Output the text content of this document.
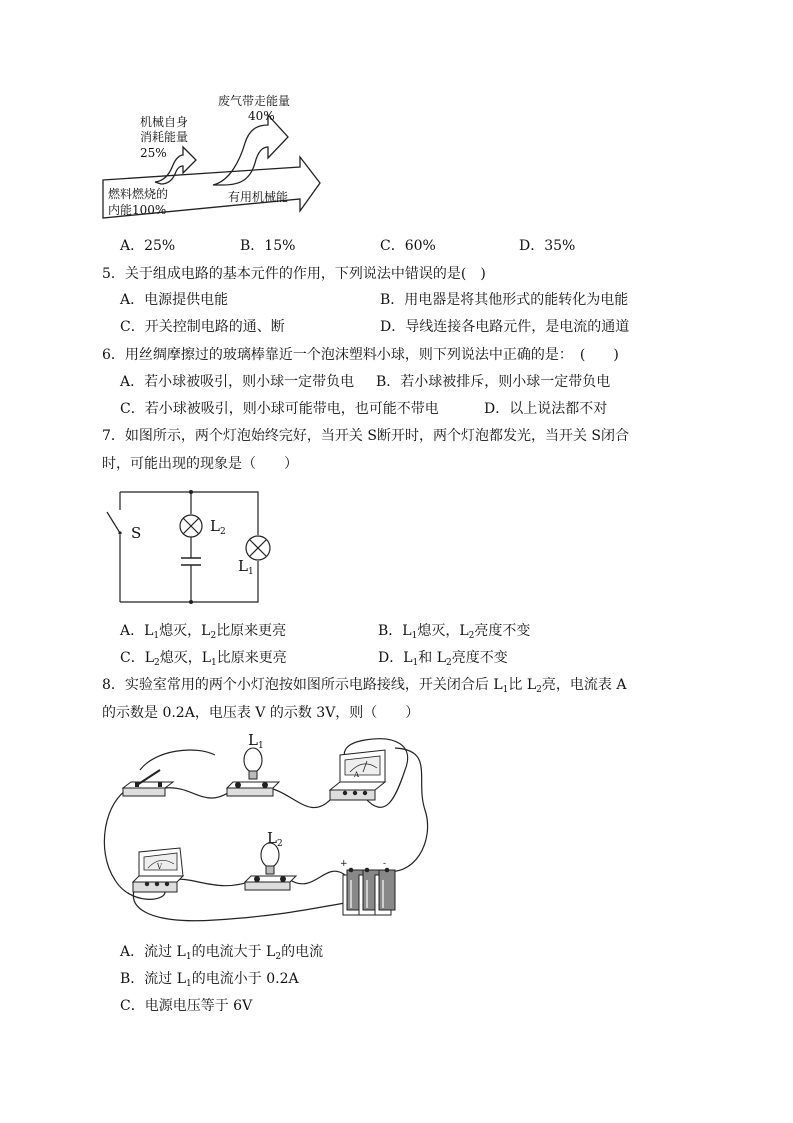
机械自身
消耗能量
25%
废气带走能量
40%
燃料燃烧的
内能100%
有用机械能
A．25%	B．15%	C．60%	D．35%
5．关于组成电路的基本元件的作用，下列说法中错误的是(　)
A．电源提供电能	B．用电器是将其他形式的能转化为电能
C．开关控制电路的通、断	D．导线连接各电路元件，是电流的通道
6．用丝绸摩擦过的玻璃棒靠近一个泡沫塑料小球，则下列说法中正确的是：　(　　)
A．若小球被吸引，则小球一定带负电 B．若小球被排斥，则小球一定带负电
C．若小球被吸引，则小球可能带电，也可能不带电	D．以上说法都不对
7．如图所示，两个灯泡始终完好，当开关 S断开时，两个灯泡都发光，当开关 S闭合
时，可能出现的现象是（　　）
S	$L_2$
$L_1$
A．$L_1$熄灭，$L_2$比原来更亮	B．$L_1$熄灭，$L_2$亮度不变
C．$L_2$熄灭，$L_1$比原来更亮	D．$L_1$和 $L_2$亮度不变
8．实验室常用的两个小灯泡按如图所示电路接线，开关闭合后 $L_1$比 $L_2$亮，电流表 A
的示数是 0.2A，电压表 V 的示数 3V，则（　　）
$L_1$
$L_2$
A
V	+	-
A．流过 $L_1$的电流大于 $L_2$的电流
B．流过 $L_1$的电流小于 0.2A
C．电源电压等于 6V
